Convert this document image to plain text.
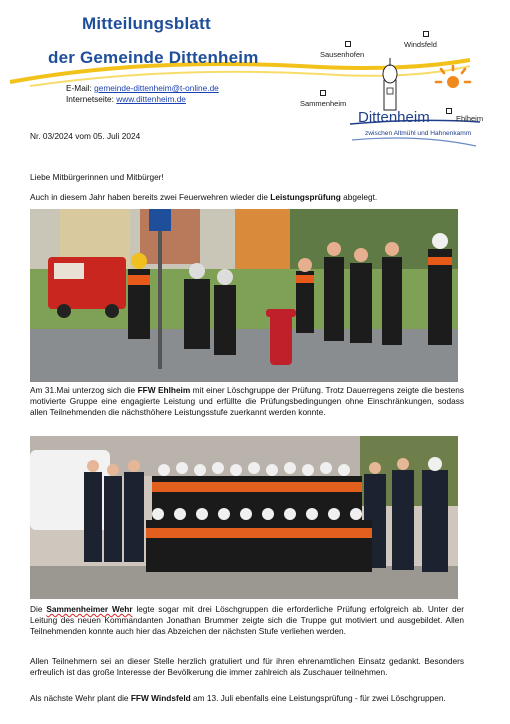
Mitteilungsblatt
der Gemeinde Dittenheim
E-Mail: gemeinde-dittenheim@t-online.de
Internetseite: www.dittenheim.de
Sausenhofen
Windsfeld
Sammenheim
Ehlheim
Dittenheim
zwischen Altmühl und Hahnenkamm
Nr. 03/2024 vom 05. Juli 2024
Liebe Mitbürgerinnen und Mitbürger!
Auch in diesem Jahr haben bereits zwei Feuerwehren wieder die Leistungsprüfung abgelegt.
Am 31.Mai unterzog sich die FFW Ehlheim mit einer Löschgruppe der Prüfung. Trotz Dauerregens zeigte die bestens motivierte Gruppe eine engagierte Leistung und erfüllte die Prüfungsbedingungen ohne Einschränkungen, sodass allen Teilnehmenden die nächsthöhere Leistungsstufe zuerkannt werden konnte.
Die Sammenheimer Wehr legte sogar mit drei Löschgruppen die erforderliche Prüfung erfolgreich ab. Unter der Leitung des neuen Kommandanten Jonathan Brummer zeigte sich die Truppe gut motiviert und ausgebildet. Allen Teilnehmenden konnte auch hier das Abzeichen der nächsten Stufe verliehen werden.
Allen Teilnehmern sei an dieser Stelle herzlich gratuliert und für ihren ehrenamtlichen Einsatz gedankt. Besonders erfreulich ist das große Interesse der Bevölkerung die immer zahlreich als Zuschauer teilnehmen.
Als nächste Wehr plant die FFW Windsfeld am 13. Juli ebenfalls eine Leistungsprüfung - für zwei Löschgruppen.
